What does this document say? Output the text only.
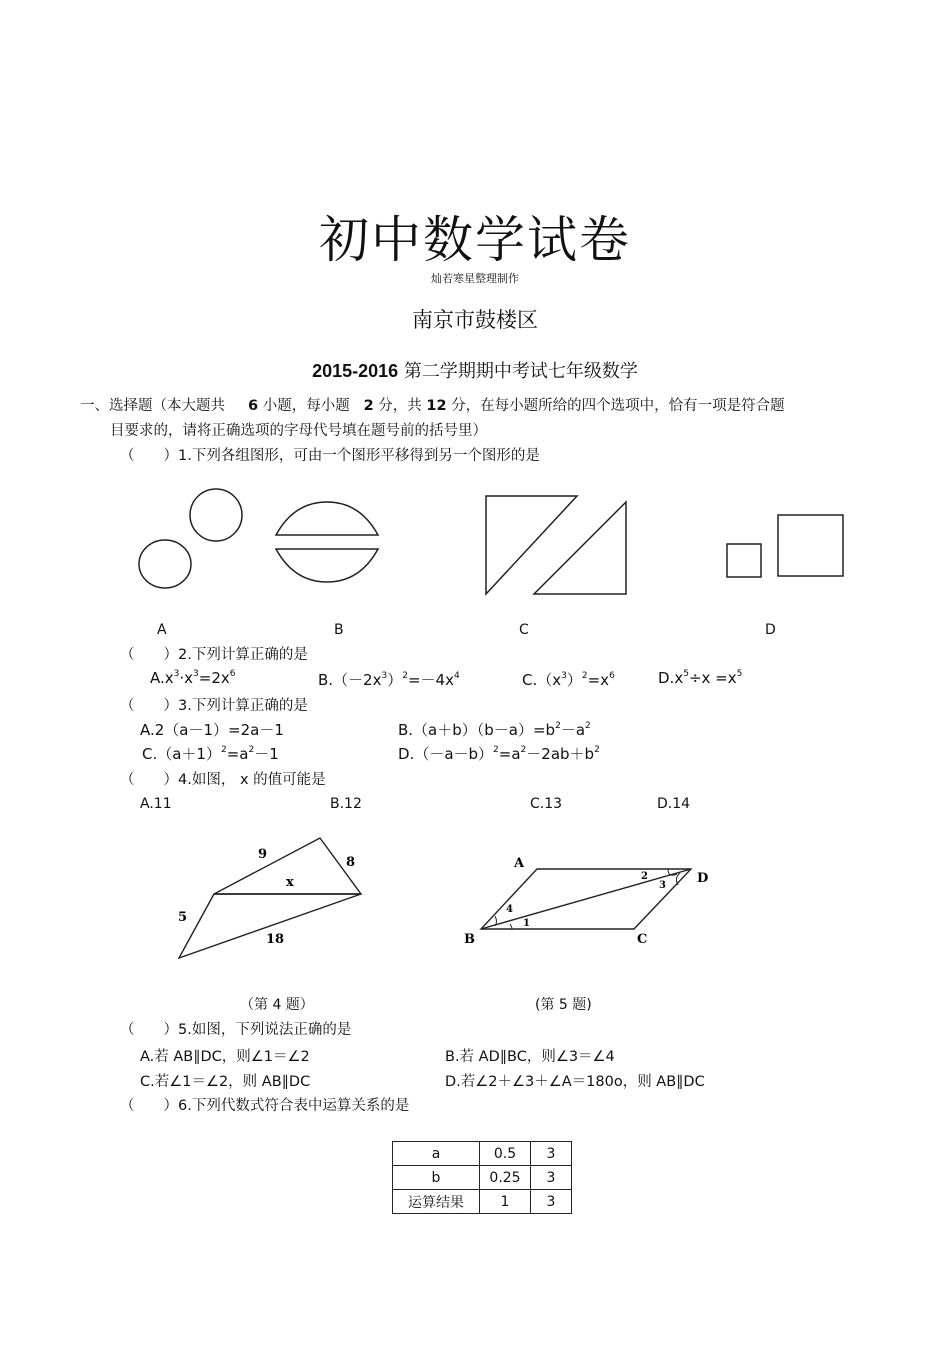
初中数学试卷
灿若寒星整理制作
南京市鼓楼区
2015-2016 第二学期期中考试七年级数学
一、选择题（本大题共 6 小题，每小题 2 分，共 12 分，在每小题所给的四个选项中，恰有一项是符合题
目要求的，请将正确选项的字母代号填在题号前的括号里）
（　　）1.下列各组图形，可由一个图形平移得到另一个图形的是
9
8
x
5
18
A
D
B	C
1
2
3
4
A	B	C	D
（　　）2.下列计算正确的是
$A.x^3\cdot x^3=2x^6$	$B.(-2x^3)^2=-4x^4$	$C.(x^3)^2=x^6$	$D.x^5\div x =x^5$
（　　）3.下列计算正确的是
A.2（a－1）=2a－1	$B.(a+b)(b-a)=b^2-a^2$
$C.(a+1)^2=a^2-1$	$D.(-a-b)^2=a^2-2ab+b^2$
（　　）4.如图， x 的值可能是
A.11	B.12	C.13	D.14
（第 4 题）	(第 5 题)
（　　）5.如图，下列说法正确的是
A.若 AB∥DC，则∠1＝∠2	B.若 AD∥BC，则∠3＝∠4
C.若∠1＝∠2，则 AB∥DC	D.若∠2＋∠3＋∠A＝180o，则 AB∥DC
（　　）6.下列代数式符合表中运算关系的是
a	0.5	3
b	0.25	3
运算结果	1	3
